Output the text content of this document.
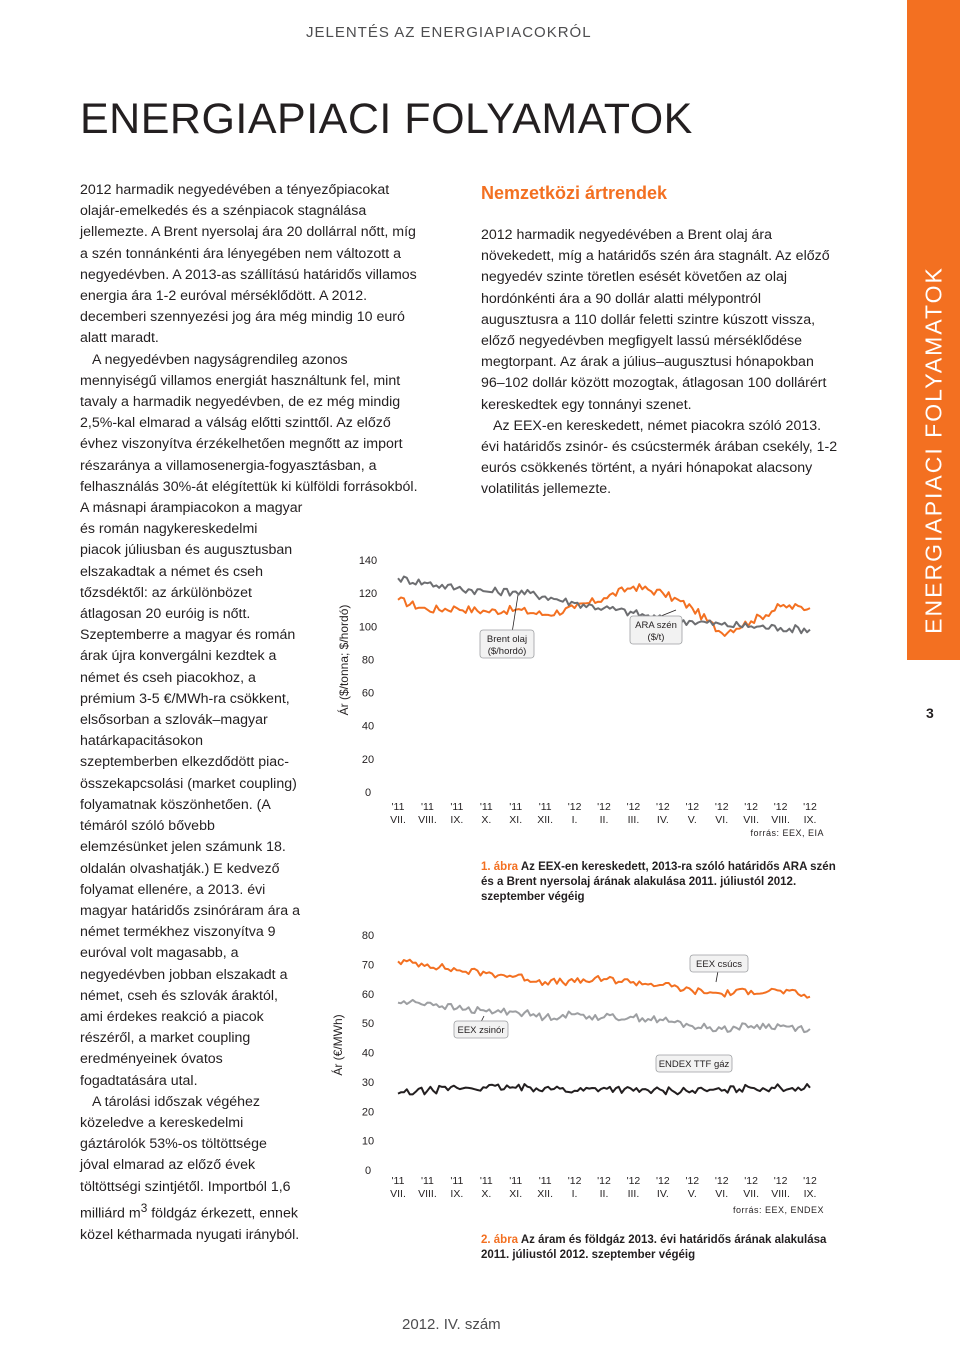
JELENTÉS AZ ENERGIAPIACOKRÓL
ENERGIAPIACI FOLYAMATOK
3
ENERGIAPIACI FOLYAMATOK

2012 harmadik negyedévében a tényezőpiacokat olajár-emelkedés és a szénpiacok stagnálása jellemezte. A Brent nyersolaj ára 20 dollárral nőtt, míg a szén tonnánkénti ára lényegében nem változott a negyedévben. A 2013-as szállítású határidős villamos energia ára 1-2 euróval mérséklődött. A 2012. decemberi szennyezési jog ára még mindig 10 euró alatt maradt.

A negyedévben nagyságrendileg azonos mennyiségű villamos energiát használtunk fel, mint tavaly a harmadik negyedévben, de ez még mindig 2,5%-kal elmarad a válság előtti szinttől. Az előző évhez viszonyítva érzékelhetően megnőtt az import részaránya a villamosenergia-fogyasztásban, a felhasználás 30%-át elégítettük ki külföldi forrásokból. A másnapi árampiacokon a magyar

és román nagykereskedelmi piacok júliusban és augusztusban elszakadtak a német és cseh tőzsdéktől: az árkülönbözet átlagosan 20 euróig is nőtt. Szeptemberre a magyar és román árak újra konvergálni kezdtek a német és cseh piacokhoz, a prémium 3-5 €/MWh-ra csökkent, elsősorban a szlovák–magyar határkapacitásokon szeptemberben elkezdődött piac-összekapcsolási (market coupling) folyamatnak köszönhetően. (A témáról szóló bővebb elemzésünket jelen számunk 18. oldalán olvashatják.) E kedvező folyamat ellenére, a 2013. évi magyar határidős zsinóráram ára a német termékhez viszonyítva 9 euróval volt magasabb, a negyedévben jobban elszakadt a német, cseh és szlovák áraktól, ami érdekes reakció a piacok részéről, a market coupling eredményeinek óvatos fogadtatására utal.

A tárolási időszak végéhez közeledve a kereskedelmi gáztárolók 53%-os töltöttsége jóval elmarad az előző évek töltöttségi szintjétől. Importból 1,6 milliárd $m^3$ földgáz érkezett, ennek közel kétharmada nyugati irányból.

Nemzetközi ártrendek

2012 harmadik negyedévében a Brent olaj ára növekedett, míg a határidős szén ára stagnált. Az előző negyedév szinte töretlen esését követően az olaj hordónkénti ára a 90 dollár alatti mélypontról augusztusra a 110 dollár feletti szintre kúszott vissza, előző negyedévben megfigyelt lassú mérséklődése megtorpant. Az árak a július–augusztusi hónapokban 96–102 dollár között mozogtak, átlagosan 100 dollárért kereskedtek egy tonnányi szenet.

Az EEX-en kereskedett, német piacokra szóló 2013. évi határidős zsinór- és csúcstermék árában csekély, 1-2 eurós csökkenés történt, a nyári hónapokat alacsony volatilitás jellemezte.

Ár ($/tonna; $/hordó)
0
20
40
60
80
100
120
140
'11
VII.
'11
VIII.
'11
IX.
'11
X.
'11
XI.
'11
XII.
'12
I.
'12
II.
'12
III.
'12
IV.
'12
V.
'12
VI.
'12
VII.
'12
VIII.
'12
IX.
Brent olaj
($/hordó)
ARA szén
($/t)
forrás: EEX, EIA
1. ábra Az EEX-en kereskedett, 2013-ra szóló határidős ARA szén és a Brent nyersolaj árának alakulása 2011. júliustól 2012. szeptember végéig
Ár (€/MWh)
0
10
20
30
40
50
60
70
80
'11
VII.
'11
VIII.
'11
IX.
'11
X.
'11
XI.
'11
XII.
'12
I.
'12
II.
'12
III.
'12
IV.
'12
V.
'12
VI.
'12
VII.
'12
VIII.
'12
IX.
EEX zsinór
EEX csúcs
ENDEX TTF gáz
forrás: EEX, ENDEX
2. ábra Az áram és földgáz 2013. évi határidős árának alakulása 2011. júliustól 2012. szeptember végéig
2012. IV. szám
